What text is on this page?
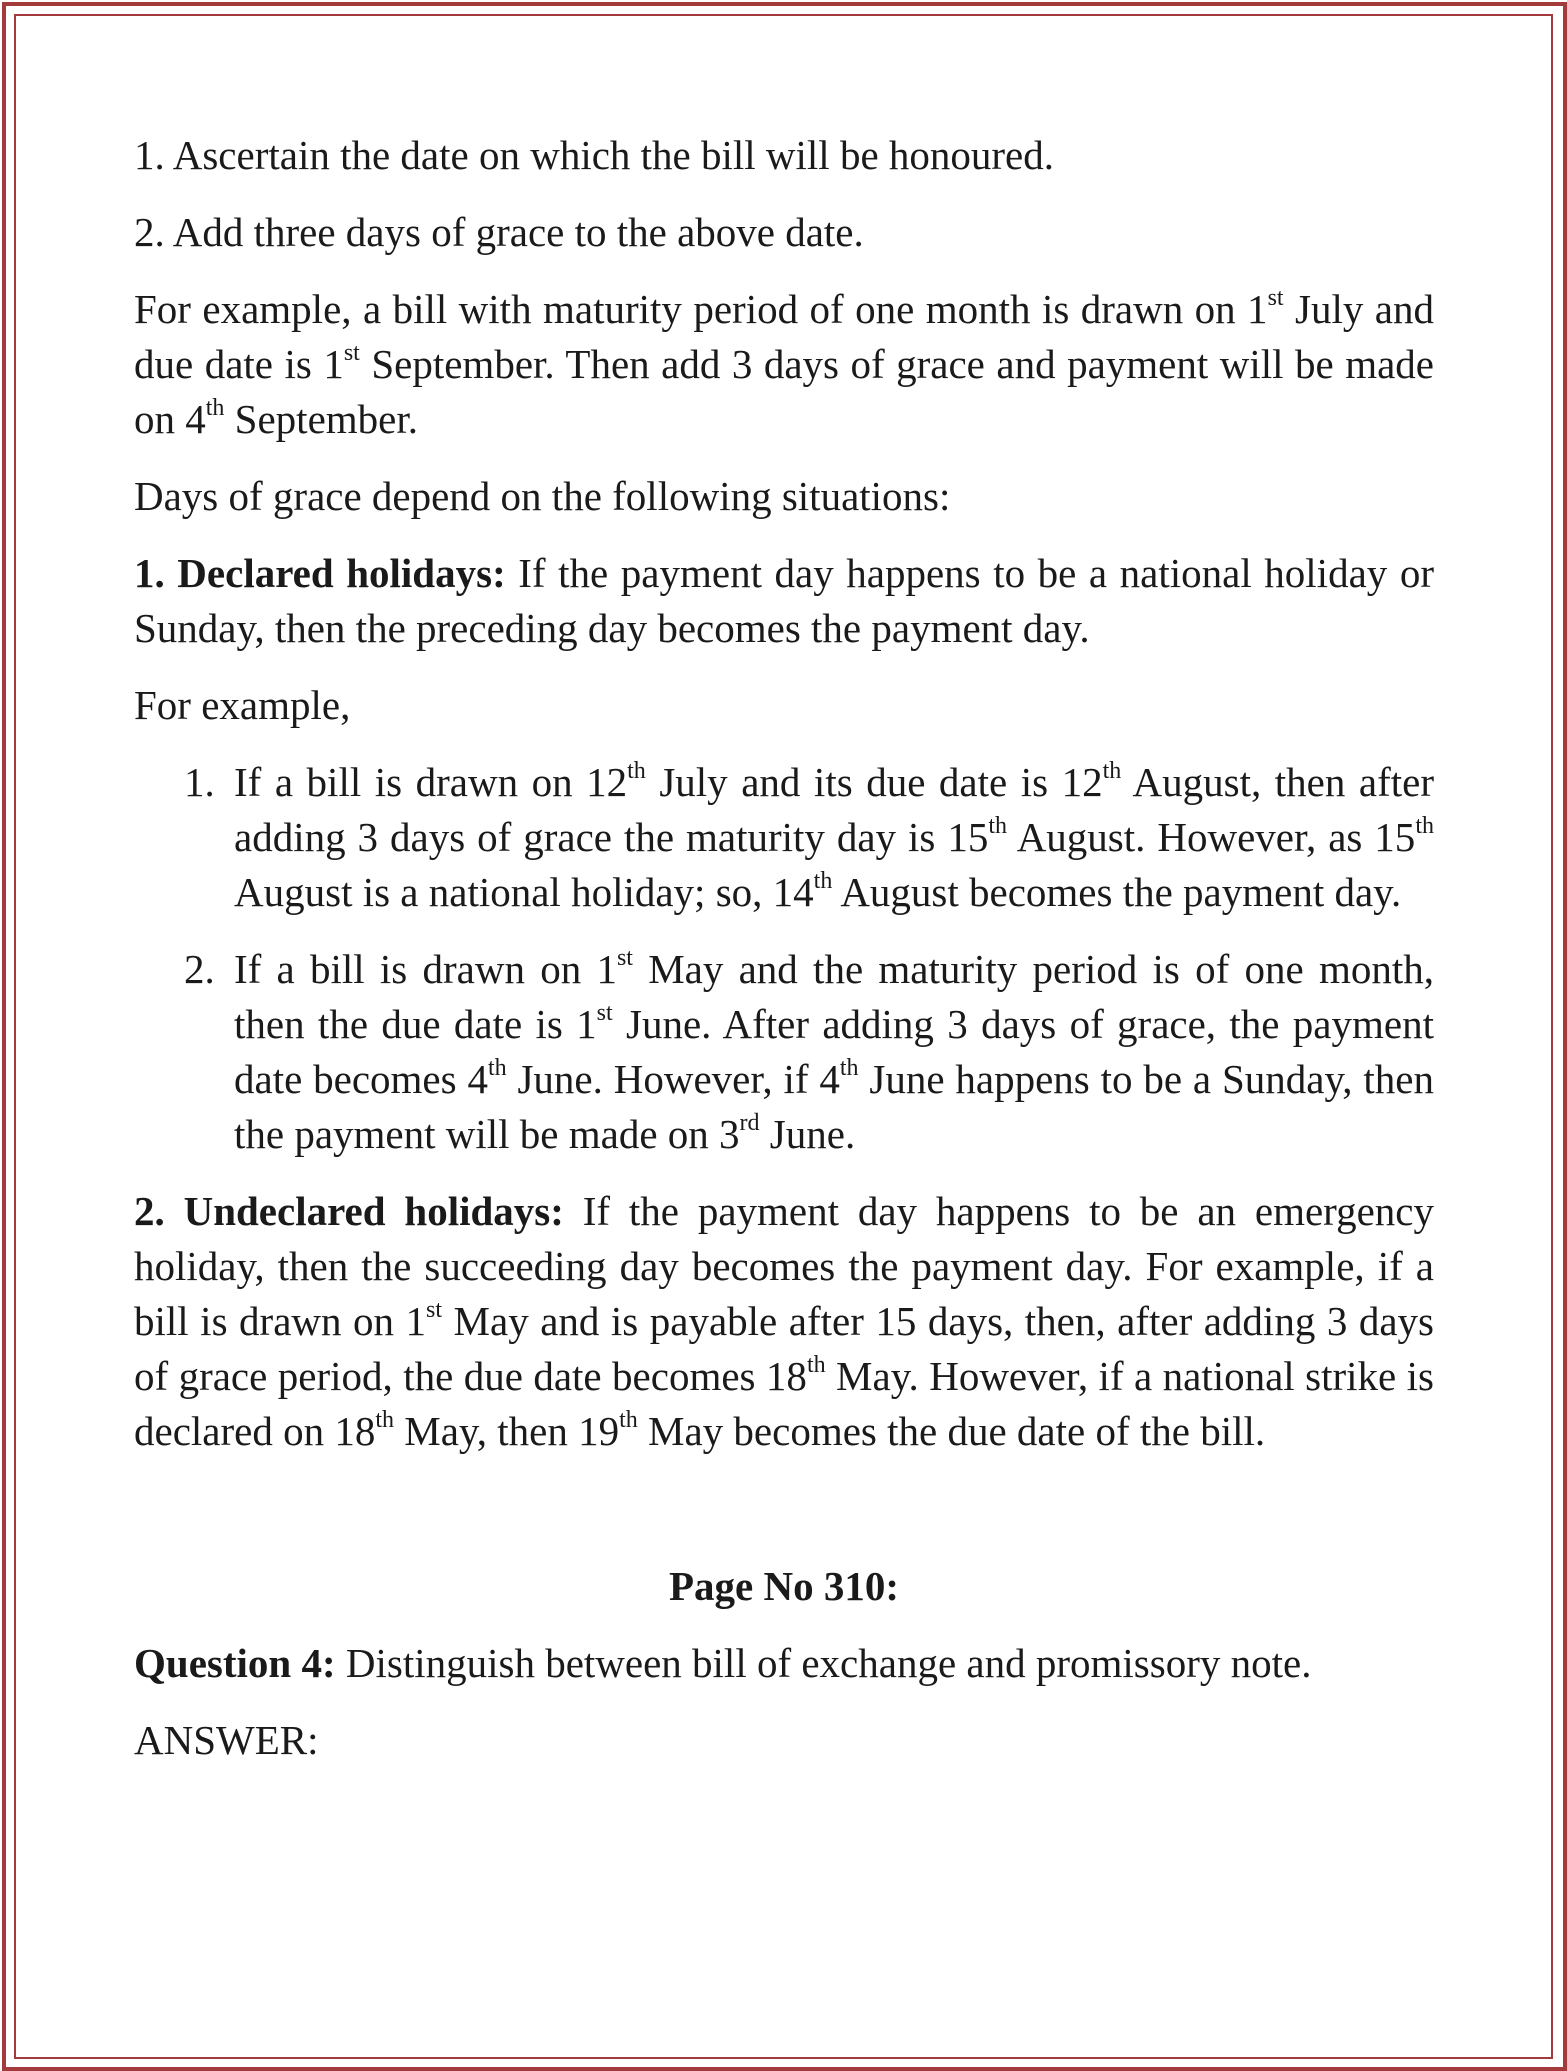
1. Ascertain the date on which the bill will be honoured.

2. Add three days of grace to the above date.

For example, a bill with maturity period of one month is drawn on 1st July and due date is 1st September. Then add 3 days of grace and payment will be made on 4th September.

Days of grace depend on the following situations:

1. Declared holidays: If the payment day happens to be a national holiday or Sunday, then the preceding day becomes the payment day.

For example,

1. If a bill is drawn on 12th July and its due date is 12th August, then after adding 3 days of grace the maturity day is 15th August. However, as 15th August is a national holiday; so, 14th August becomes the payment day.
2. If a bill is drawn on 1st May and the maturity period is of one month, then the due date is 1st June. After adding 3 days of grace, the payment date becomes 4th June. However, if 4th June happens to be a Sunday, then the payment will be made on 3rd June.

2. Undeclared holidays: If the payment day happens to be an emergency holiday, then the succeeding day becomes the payment day. For example, if a bill is drawn on 1st May and is payable after 15 days, then, after adding 3 days of grace period, the due date becomes 18th May. However, if a national strike is declared on 18th May, then 19th May becomes the due date of the bill.

Page No 310:

Question 4: Distinguish between bill of exchange and promissory note.

ANSWER:
